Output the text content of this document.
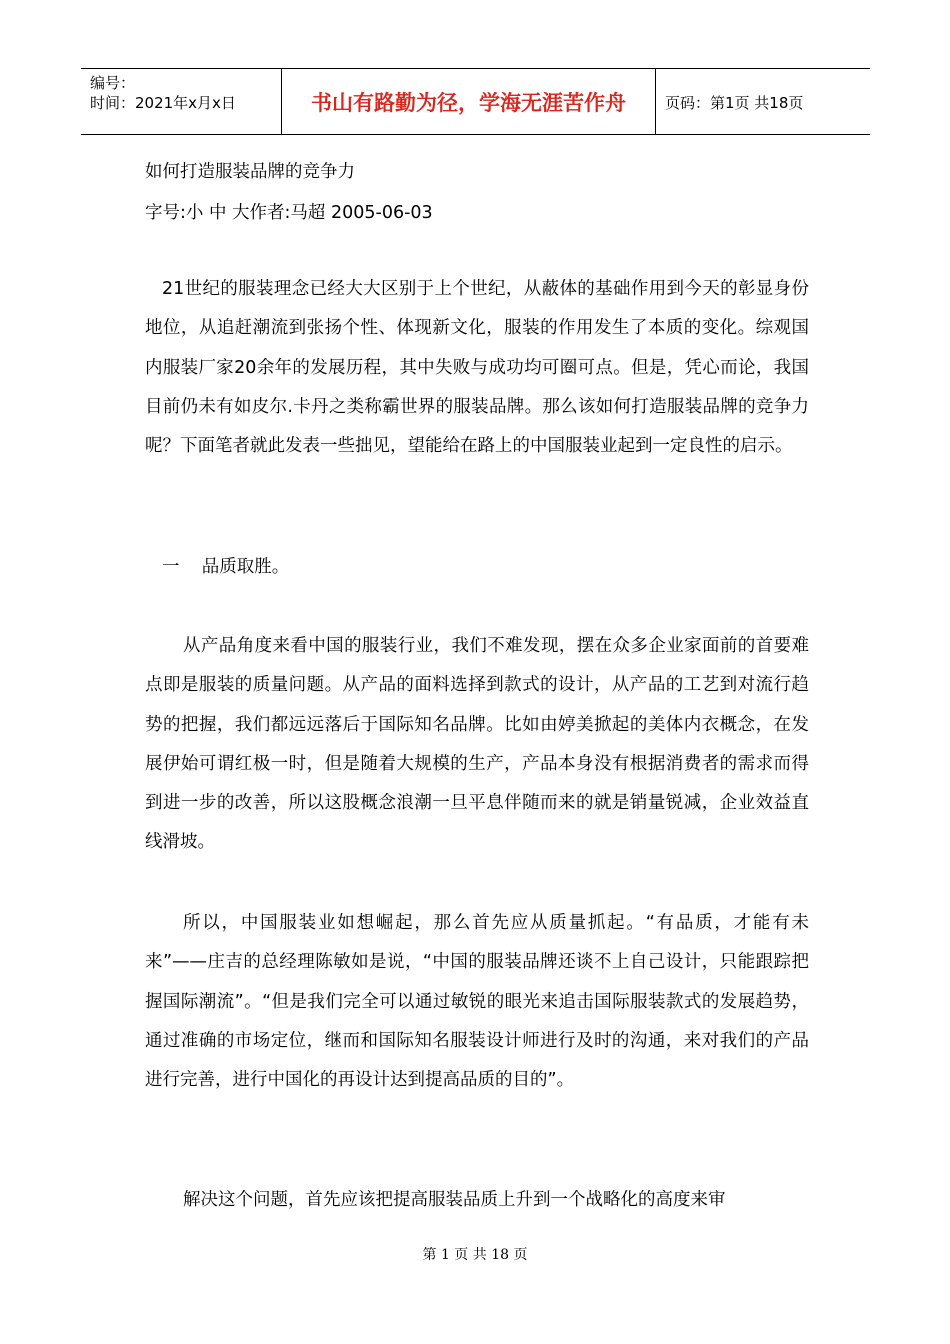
编号：
时间：2021年x月x日	书山有路勤为径，学海无涯苦作舟	页码：第1页 共18页
如何打造服装品牌的竞争力
字号:小 中 大作者:马超 2005-06-03

21世纪的服装理念已经大大区别于上个世纪，从蔽体的基础作用到今天的彰显身份地位，从追赶潮流到张扬个性、体现新文化，服装的作用发生了本质的变化。综观国内服装厂家20余年的发展历程，其中失败与成功均可圈可点。但是，凭心而论，我国目前仍未有如皮尔.卡丹之类称霸世界的服装品牌。那么该如何打造服装品牌的竞争力呢？下面笔者就此发表一些拙见，望能给在路上的中国服装业起到一定良性的启示。

一    品质取胜。

从产品角度来看中国的服装行业，我们不难发现，摆在众多企业家面前的首要难点即是服装的质量问题。从产品的面料选择到款式的设计，从产品的工艺到对流行趋势的把握，我们都远远落后于国际知名品牌。比如由婷美掀起的美体内衣概念，在发展伊始可谓红极一时，但是随着大规模的生产，产品本身没有根据消费者的需求而得到进一步的改善，所以这股概念浪潮一旦平息伴随而来的就是销量锐减，企业效益直线滑坡。

所以，中国服装业如想崛起，那么首先应从质量抓起。“有品质，才能有未来”——庄吉的总经理陈敏如是说，“中国的服装品牌还谈不上自己设计，只能跟踪把握国际潮流”。“但是我们完全可以通过敏锐的眼光来追击国际服装款式的发展趋势，通过准确的市场定位，继而和国际知名服装设计师进行及时的沟通，来对我们的产品进行完善，进行中国化的再设计达到提高品质的目的”。

解决这个问题，首先应该把提高服装品质上升到一个战略化的高度来审

第 1 页 共 18 页
